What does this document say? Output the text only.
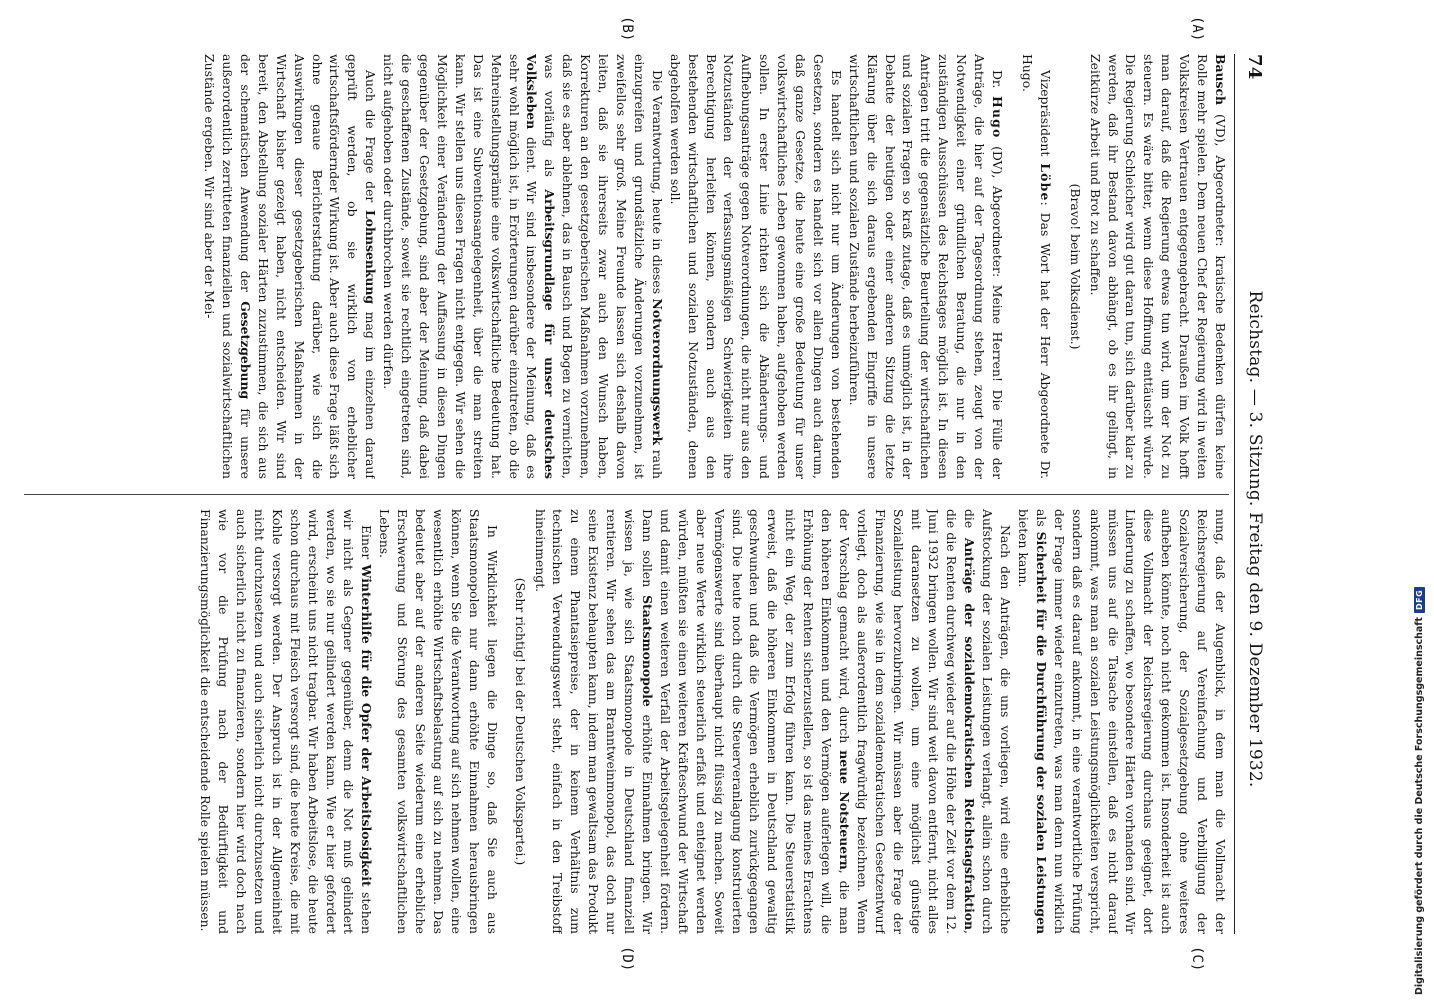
74
Reichstag. — 3. Sitzung. Freitag den 9. Dezember 1932.
(A)
(B)
(C)
(D)

Bausch (VD), Abgeordneter: kratische Bedenken dürfen keine Rolle mehr spielen. Dem neuen Chef der Regierung wird in weiten Volkskreisen Vertrauen entgegengebracht. Draußen im Volk hofft man darauf, daß die Regierung etwas tun wird, um der Not zu steuern. Es wäre bitter, wenn diese Hoffnung enttäuscht würde. Die Regierung Schleicher wird gut daran tun, sich darüber klar zu werden, daß ihr Bestand davon abhängt, ob es ihr gelingt, in Zeitkürze Arbeit und Brot zu schaffen.

(Bravo! beim Volksdienst.)

Vizepräsident Löbe: Das Wort hat der Herr Abgeordnete Dr. Hugo.

Dr. Hugo (DV), Abgeordneter: Meine Herren! Die Fülle der Anträge, die hier auf der Tagesordnung stehen, zeugt von der Notwendigkeit einer gründlichen Beratung, die nur in den zuständigen Ausschüssen des Reichstages möglich ist. In diesen Anträgen tritt die gegensätzliche Beurteilung der wirtschaftlichen und sozialen Fragen so kraß zutage, daß es unmöglich ist, in der Debatte der heutigen oder einer anderen Sitzung die letzte Klärung über die sich daraus ergebenden Eingriffe in unsere wirtschaftlichen und sozialen Zustände herbeizuführen.

Es handelt sich nicht nur um Änderungen von bestehenden Gesetzen, sondern es handelt sich vor allen Dingen auch darum, daß ganze Gesetze, die heute eine große Bedeutung für unser volkswirtschaftliches Leben gewonnen haben, aufgehoben werden sollen. In erster Linie richten sich die Abänderungs- und Aufhebungsanträge gegen Notverordnungen, die nicht nur aus den Notzuständen der verfassungsmäßigen Schwierigkeiten ihre Berechtigung herleiten können, sondern auch aus den bestehenden wirtschaftlichen und sozialen Notzuständen, denen abgeholfen werden soll.

Die Verantwortung, heute in dieses Notverordnungswerk rauh einzugreifen und grundsätzliche Änderungen vorzunehmen, ist zweifellos sehr groß. Meine Freunde lassen sich deshalb davon leiten, daß sie ihrerseits zwar auch den Wunsch haben, Korrekturen an den gesetzgeberischen Maßnahmen vorzunehmen, daß sie es aber ablehnen, das in Bausch und Bogen zu vernichten, was vorläufig als Arbeitsgrundlage für unser deutsches Volksleben dient. Wir sind insbesondere der Meinung, daß es sehr wohl möglich ist, in Erörterungen darüber einzutreten, ob die Mehreinstellungsprämie eine volkswirtschaftliche Bedeutung hat. Das ist eine Subventionsangelegenheit, über die man streiten kann. Wir stellen uns diesen Fragen nicht entgegen. Wir sehen die Möglichkeit einer Veränderung der Auffassung in diesen Dingen gegenüber der Gesetzgebung, sind aber der Meinung, daß dabei die geschaffenen Zustände, soweit sie rechtlich eingetreten sind, nicht aufgehoben oder durchbrochen werden dürfen.

Auch die Frage der Lohnsenkung mag im einzelnen darauf geprüft werden, ob sie wirklich von erheblicher wirtschaftsfördernder Wirkung ist. Aber auch diese Frage läßt sich ohne genaue Berichterstattung darüber, wie sich die Auswirkungen dieser gesetzgeberischen Maßnahmen in der Wirtschaft bisher gezeigt haben, nicht entscheiden. Wir sind bereit, den Abstellung sozialer Härten zuzustimmen, die sich aus der schematischen Anwendung der Gesetzgebung für unsere außerordentlich zerrütteten finanziellen und sozialwirtschaftlichen Zustände ergeben. Wir sind aber der Mei-

nung, daß der Augenblick, in dem man die Vollmacht der Reichsregierung auf Vereinfachung und Verbilligung der Sozialversicherung, der Sozialgesetzgebung ohne weiteres aufheben könnte, noch nicht gekommen ist. Insonderheit ist auch diese Vollmacht der Reichsregierung durchaus geeignet, dort Linderung zu schaffen, wo besondere Härten vorhanden sind. Wir müssen uns auf die Tatsache einstellen, daß es nicht darauf ankommt, was man an sozialen Leistungsmöglichkeiten verspricht, sondern daß es darauf ankommt, in eine verantwortliche Prüfung der Frage immer wieder einzutreten, was man denn nun wirklich als Sicherheit für die Durchführung der sozialen Leistungen bieten kann.

Nach den Anträgen, die uns vorliegen, wird eine erhebliche Aufstockung der sozialen Leistungen verlangt, allein schon durch die Anträge der sozialdemokratischen Reichstagsfraktion, die die Renten durchweg wieder auf die Höhe der Zeit vor dem 12. Juni 1932 bringen wollen. Wir sind weit davon entfernt, nicht alles mit daransetzen zu wollen, um eine möglichst günstige Sozialleistung hervorzubringen. Wir müssen aber die Frage der Finanzierung, wie sie in dem sozialdemokratischen Gesetzentwurf vorliegt, doch als außerordentlich fragwürdig bezeichnen. Wenn der Vorschlag gemacht wird, durch neue Notsteuern, die man den höheren Einkommen und den Vermögen auferlegen will, die Erhöhung der Renten sicherzustellen, so ist das meines Erachtens nicht ein Weg, der zum Erfolg führen kann. Die Steuerstatistik erweist, daß die höheren Einkommen in Deutschland gewaltig geschwunden und daß die Vermögen erheblich zurückgegangen sind. Die heute noch durch die Steuerveranlagung konstruierten Vermögenswerte sind überhaupt nicht flüssig zu machen. Soweit aber neue Werte wirklich steuerlich erfaßt und enteignet werden würden, müßten sie einen weiteren Kräfteschwund der Wirtschaft und damit einen weiteren Verfall der Arbeitsgelegenheit fördern. Dann sollen Staatsmonopole erhöhte Einnahmen bringen. Wir wissen ja, wie sich Staatsmonopole in Deutschland finanziell rentieren. Wir sehen das am Branntweinmonopol, das doch nur seine Existenz behaupten kann, indem man gewaltsam das Produkt zu einem Phantasiepreise, der in keinem Verhältnis zum technischen Verwendungswert steht, einfach in den Treibstoff hineinmengt.

(Sehr richtig! bei der Deutschen Volkspartei.)

In Wirklichkeit liegen die Dinge so, daß Sie auch aus Staatsmonopolen nur dann erhöhte Einnahmen herausbringen können, wenn Sie die Verantwortung auf sich nehmen wollen, eine wesentlich erhöhte Wirtschaftsbelastung auf sich zu nehmen. Das bedeutet aber auf der anderen Seite wiederum eine erhebliche Erschwerung und Störung des gesamten volkswirtschaftlichen Lebens.

Einer Winterhilfe für die Opfer der Arbeitslosigkeit stehen wir nicht als Gegner gegenüber, denn die Not muß gelindert werden, wo sie nur gelindert werden kann. Wie er hier gefordert wird, erscheint uns nicht tragbar. Wir haben Arbeitslose, die heute schon durchaus mit Fleisch versorgt sind, die heute Kreise, die mit Kohle versorgt werden. Der Anspruch ist in der Allgemeinheit nicht durchzusetzen und auch sicherlich nicht durchzusetzen und auch sicherlich nicht zu finanzieren, sondern hier wird doch nach wie vor die Prüfung nach der Bedürftigkeit und Finanzierungsmöglichkeit die entscheidende Rolle spielen müssen.	Digitalisierung gefördert durch die Deutsche Forschungsgemeinschaft
DFG
